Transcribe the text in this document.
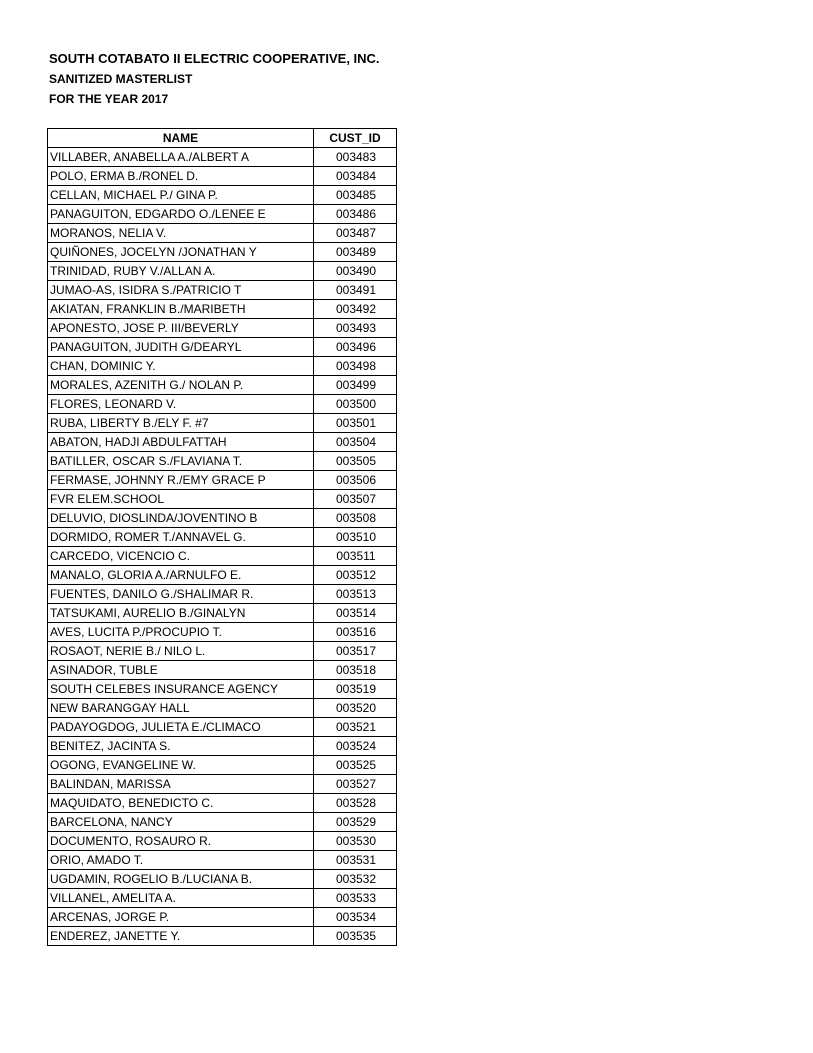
SOUTH COTABATO II ELECTRIC COOPERATIVE, INC.
SANITIZED MASTERLIST
FOR THE YEAR 2017
NAME	CUST_ID
VILLABER, ANABELLA A./ALBERT A	003483
POLO, ERMA B./RONEL D.	003484
CELLAN, MICHAEL P./ GINA P.	003485
PANAGUITON, EDGARDO O./LENEE E	003486
MORANOS, NELIA V.	003487
QUIÑONES, JOCELYN /JONATHAN Y	003489
TRINIDAD, RUBY V./ALLAN A.	003490
JUMAO-AS, ISIDRA S./PATRICIO T	003491
AKIATAN, FRANKLIN B./MARIBETH	003492
APONESTO, JOSE P. III/BEVERLY	003493
PANAGUITON, JUDITH G/DEARYL	003496
CHAN, DOMINIC Y.	003498
MORALES, AZENITH G./ NOLAN P.	003499
FLORES, LEONARD V.	003500
RUBA, LIBERTY B./ELY F. #7	003501
ABATON, HADJI ABDULFATTAH	003504
BATILLER, OSCAR S./FLAVIANA T.	003505
FERMASE, JOHNNY R./EMY GRACE P	003506
FVR ELEM.SCHOOL	003507
DELUVIO, DIOSLINDA/JOVENTINO B	003508
DORMIDO, ROMER T./ANNAVEL G.	003510
CARCEDO, VICENCIO C.	003511
MANALO, GLORIA A./ARNULFO E.	003512
FUENTES, DANILO G./SHALIMAR R.	003513
TATSUKAMI, AURELIO B./GINALYN	003514
AVES, LUCITA P./PROCUPIO T.	003516
ROSAOT, NERIE B./ NILO L.	003517
ASINADOR, TUBLE	003518
SOUTH CELEBES INSURANCE AGENCY	003519
NEW BARANGGAY HALL	003520
PADAYOGDOG, JULIETA E./CLIMACO	003521
BENITEZ, JACINTA S.	003524
OGONG, EVANGELINE W.	003525
BALINDAN, MARISSA	003527
MAQUIDATO, BENEDICTO C.	003528
BARCELONA, NANCY	003529
DOCUMENTO, ROSAURO R.	003530
ORIO, AMADO T.	003531
UGDAMIN, ROGELIO B./LUCIANA B.	003532
VILLANEL, AMELITA A.	003533
ARCENAS, JORGE P.	003534
ENDEREZ, JANETTE Y.	003535
